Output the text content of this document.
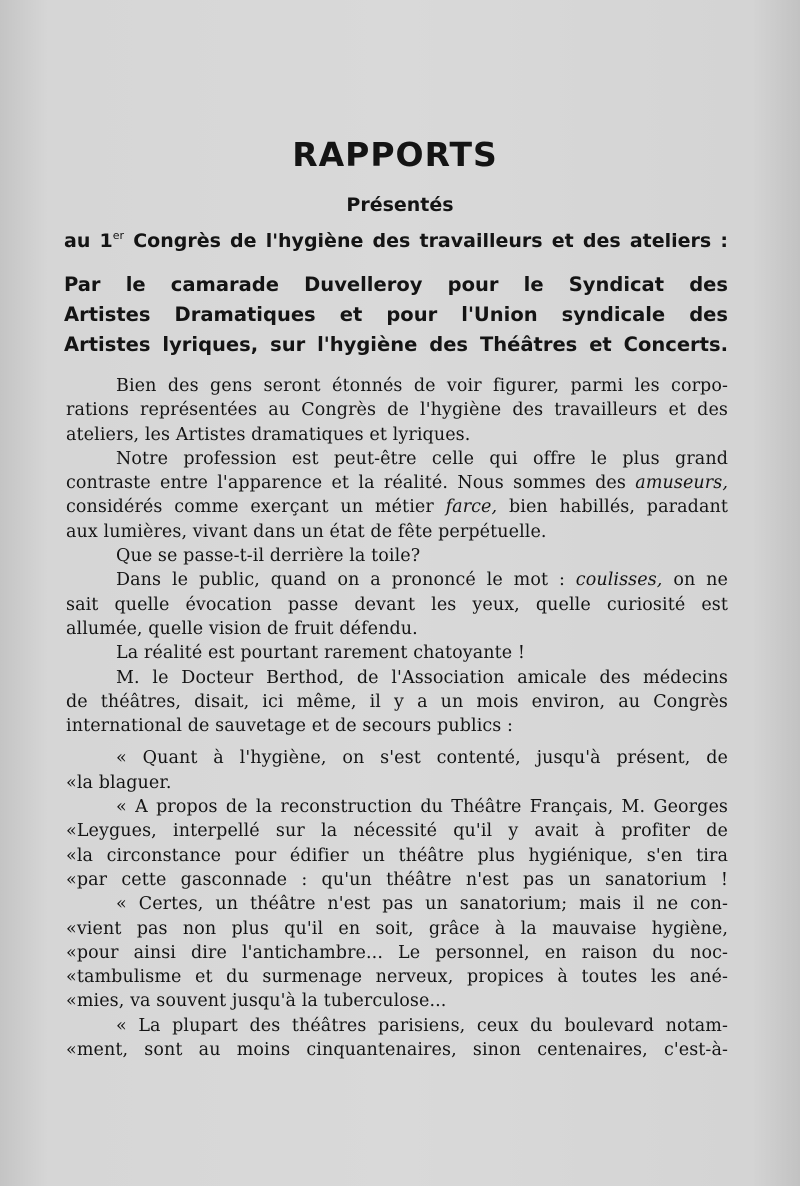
RAPPORTS
Présentés
au 1er Congrès de l'hygiène des travailleurs et des ateliers :
Par le camarade Duvelleroy pour le Syndicat des
Artistes Dramatiques et pour l'Union syndicale des
Artistes lyriques, sur l'hygiène des Théâtres et Concerts.
Bien des gens seront étonnés de voir figurer, parmi les corpo-
rations représentées au Congrès de l'hygiène des travailleurs et des
ateliers, les Artistes dramatiques et lyriques.
Notre profession est peut-être celle qui offre le plus grand
contraste entre l'apparence et la réalité. Nous sommes des amuseurs,
considérés comme exerçant un métier farce, bien habillés, paradant
aux lumières, vivant dans un état de fête perpétuelle.
Que se passe-t-il derrière la toile?
Dans le public, quand on a prononcé le mot : coulisses, on ne
sait quelle évocation passe devant les yeux, quelle curiosité est
allumée, quelle vision de fruit défendu.
La réalité est pourtant rarement chatoyante !
M. le Docteur Berthod, de l'Association amicale des médecins
de théâtres, disait, ici même, il y a un mois environ, au Congrès
international de sauvetage et de secours publics :
« Quant à l'hygiène, on s'est contenté, jusqu'à présent, de
«la blaguer.
« A propos de la reconstruction du Théâtre Français, M. Georges
«Leygues, interpellé sur la nécessité qu'il y avait à profiter de
«la circonstance pour édifier un théâtre plus hygiénique, s'en tira
«par cette gasconnade : qu'un théâtre n'est pas un sanatorium !
« Certes, un théâtre n'est pas un sanatorium; mais il ne con-
«vient pas non plus qu'il en soit, grâce à la mauvaise hygiène,
«pour ainsi dire l'antichambre... Le personnel, en raison du noc-
«tambulisme et du surmenage nerveux, propices à toutes les ané-
«mies, va souvent jusqu'à la tuberculose...
« La plupart des théâtres parisiens, ceux du boulevard notam-
«ment, sont au moins cinquantenaires, sinon centenaires, c'est-à-
